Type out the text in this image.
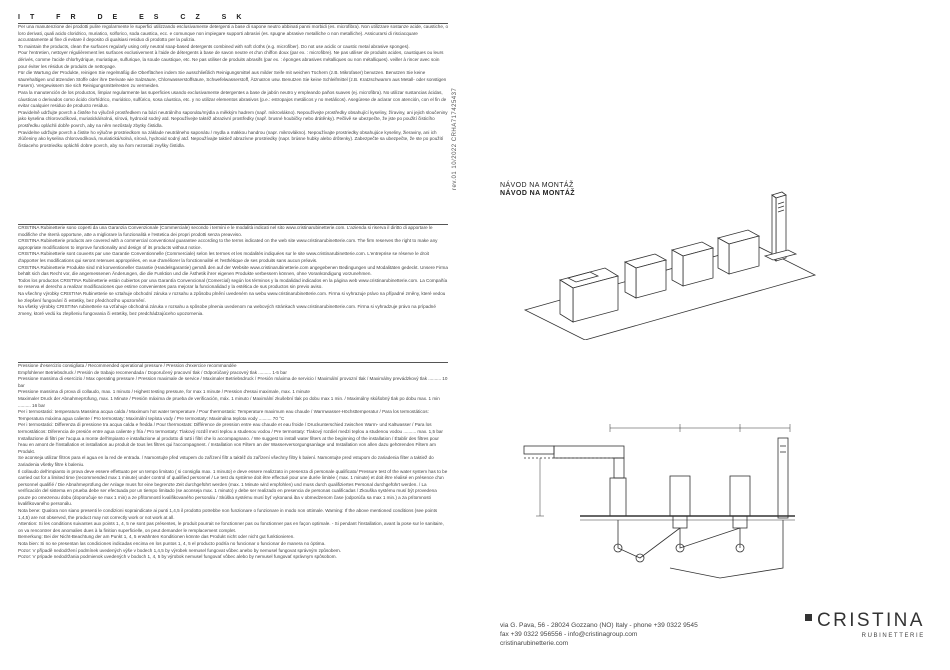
IT FR DE ES CZ SK

Per una manutenzione dei prodotti pulire regolarmente le superfici utilizzando esclusivamente detergenti a base di sapone neutro abbinati panni morbidi (es. microfibra). Non utilizzare sostanze acide, caustiche, o loro derivati, quali acido cloridrico, muriatico, solforico, soda caustica, ecc. e comunque non impiegare supporti abrasivi (es. spugne abrasive metalliche o non metalliche). Assicurarsi di risciacquare accuratamente al fine di evitare il deposito di qualsiasi residuo di prodotto per la pulizia.

To maintain the products, clean the surfaces regularly using only neutral soap-based detergents combined with soft cloths (e.g. microfiber). Do not use acidic or caustic metal abrasive sponges).

Pour l'entretien, nettoyer régulièrement les surfaces exclusivement à l'aide de détergents à base de savon neutre et d'un chiffon doux (par ex. : microfibre). Ne pas utiliser de produits acides, caustiques ou leurs dérivés, comme l'acide chlorhydrique, muriatique, sulfurique, la soude caustique, etc. Ne pas utiliser de produits abrasifs (par ex. : éponges abrasives métalliques ou non métalliques). veiller à rincer avec soin pour éviter les résidus de produits de nettoyage.

Für die Wartung der Produkte, reinigen Sie regelmäßig die Oberflächen indem Sie ausschließlich Reinigungsmittel aus milder Seife mit weichen Tüchern (z.B. Mikrofaser) benutzen. Benutzen Sie keine säurehaltigen und ätzenden Stoffe oder ihre Derivate wie Salzsäure, Chlorwasserstoffsäure, Schwefelwasserstoff, Ätznatron usw. Benutzen Sie keine Schleifmittel (z.B. Kratzschwamm aus Metall- oder sonstigen Fasern). Vergewissern Sie sich Reinigungsmittelresten zu vermeiden.

Para la manutención de los productos, limpiar regularmente las superficies usando exclusivamente detergentes a base de jabón neutro y empleando paños suaves (ej. microfibra). No utilizar sustancias ácidas, cáusticas o derivados como ácido clorhídrico, muriático, sulfúrico, sosa cáustica, etc. y no utilizar elementos abrasivos (p.e.: estropajos metálicos y no metálicos). Asegúrese de aclarar con atención, con el fin de evitar cualquier residuo de producto residuo.

Pravidelně udržujte povrch a čistěte ho výlučně prostředkem na bázi neutrálního saponátu/mýdla a měkkým hadrem (např. mikrovlákno). Nepoužívejte prostředky obsahující kyseliny, žíraviny, ani jejich sloučeniny jako kyselina chlorovodíková, muriatická/solná, sírová, hydroxid sodný atd. Nepoužívejte taktéž abrazivní prostředky (např. brusné houbičky nebo drátěnky). Pečlivě se ubezpečte, že jste po použití čisticího prostředku opláchli dobře povrch, aby na něm nezůstaly zbytky čistidla.

Pravidelne udržujte povrch a čistite ho výlučne prostriedkom na základe neutrálneho saponátu / mydla a mäkkou handrou (napr. mikrovlákno). Nepoužívajte prostriedky obsahujúce kyseliny, žieraviny, ani ich zlúčeniny ako kyselina chlorovodíková, muriatická/solná, sírová, hydroxid sodný atď. Nepoužívajte taktiež abrazívne prostriedky (napr. brúsne hubky alebo drôtenky). Zabezpečte sa ubezpečte, že ste po použití čistiaceho prostriedku opláchli dobre povrch, aby na ňom nezostali zvyšky čistidla.

CRISTINA Rubinetterie sono coperti da una Garanzia Convenzionale (Commerciale) secondo i termini e le modalità indicati nel sito www.cristinarubinetterie.com. L'azienda si riserva il diritto di apportare le modifiche che riterrà opportune, atte a migliorare la funzionalità e l'estetica dei propri prodotti senza preavviso.

CRISTINA Rubinetterie products are covered with a commercial conventional guarantee according to the terms indicated on the web site www.cristinarubinetterie.com. The firm reserves the right to make any appropriate modifications to improve functionality and design of its products without notice.

CRISTINA Rubinetterie sont couverts par une Garantie Conventionnelle (Commerciale) selon les termes et les modalités indiquées sur le site www.cristinarubinetterie.com. L'entreprise se réserve le droit d'apporter les modifications qui seront retenues appropriées, en vue d'améliorer la fonctionnalité et l'esthétique de ses produits sans aucun préavis.

CRISTINA Rubinetterie Produkte sind mit konventioneller Garantie (Handelsgarantie) gemäß den auf der Website www.cristinarubinetterie.com angegebenen Bedingungen und Modalitäten gedeckt. Unsere Firma behält sich das Recht vor, die angemessenen Änderungen, die die Funktion und die Ästhetik ihrer eigenen Produkte verbessern können, ohne Vorankündigung vorzunehmen.

Todos los productos CRISTINA Rubinetterie están cubiertos por una Garantía Convencional (Comercial) según los términos y la modalidad indicados en la página web www.cristinarubinetterie.com. La Compañía se reserva el derecho a realizar modificaciones que estime convenientes para mejorar la funcionalidad y la estética de sus productos sin previo aviso.

Na všechny výrobky CRISTINA Rubinetterie se vztahuje obchodní záruka v rozsahu a způsobu plnění uvedeném na webu www.cristinarubinetterie.com. Firma si vyhrazuje právo na případné změny, které vedou ke zlepšení fungování či estetiky, bez předchozího upozornění.

Na všetky výrobky CRISTINA rubinetterie sa vzťahuje obchodná záruka v rozsahu a spôsobe plnenia uvedenom na webových stránkach www.cristinarubinetterie.com. Firma si vyhradzuje právo na prípadné zmeny, ktoré vedú ku zlepšeniu fungovania či estetiky, bez predchádzajúceho upozornenia.

Pressione d'esercizio consigliata / Recommended operational pressure / Pression d'exercice recommandée

Empfohlener Betriebsdruck / Presión de trabajo recomendada / Doporučený pracovní tlak / Odporúčaný pracovný tlak .......... 1-5 bar

Pressione massima di esercizio / Max operating pressure / Pression maximale de service / Maximaler Betriebsdruck / Presión máxima de servicio / Maximální provozní tlak / Maximálny prevádzkový tlak .......... 10 bar

Pressione massima di prova di collaudo, max. 1 minuto / Highest testing pressure, for max 1 minute / Pression d'essai maximale, max. 1 minute

Maximaler Druck der Abnahmeprüfung, max. 1 Minute / Presión máxima de prueba de verificación, máx. 1 minuto / Maximální zkušební tlak po dobu max 1 min. / Maximálny skúšobný tlak po dobu max. 1 min .......... 16 bar

Per i termostatici: temperatura Massima acqua calda / Maximum hot water temperature / Pour thermostatic: Temperature maximum eau chaude / Warmwasser-Höchsttemperatur / Para los termostáticos: Temperatura máxima agua caliente / Pro termostaty: Maximální teplota vody / Pre termostaty: Maximálna teplota vody .......... 70 °C

Per i termostatici: Differenza di pressione tra acqua calda e fredda / Pour thermostats: Différence de pression entre eau chaude et eau froide / Druckunterschied zwischen Warm- und Kaltwasser / Para los termostáticos: Diferencia de presión entre agua caliente y fría / Pro termostaty: Tlakový rozdíl mezi teplou a studenou vodou / Pre termostaty: Tlakový rozdiel medzi teplou a studenou vodou .......... max. 1,5 bar

Installazione di filtri per l'acqua a monte dell'impianto e installazione al prodotto di tutti i filtri che lo accompagnano. / We suggest to install water filters at the beginning of the installation / Établir des filtres pour l'eau en amont de l'installation et installation au produit de tous les filtres qui l'accompagnent. / Installation von Filtern an der Wasserversorgungsanlage und Installation von allen dazu gehörenden Filtern am Produkt.

Se aconseja utilizar filtros para el agua en la red de entrada. / Namontujte před vstupem do zařízení filtr a taktéž do zařízení všechny filtry k balení. Namontujte pred vstupom do zariadenia filter a taktiež do zariadenia všetky filtre k baleniu.

Il collaudo dell'impianto in prova deve essere effettuato per un tempo limitato ( si consiglia max. 1 minuto) e deve essere realizzato in presenza di personale qualificato/ Pressure test of the water system has to be carried out for a limited time (recommended max 1 minute) under control of qualified personnel / Le test du système doit être effectué pour une durée limitée ( max. 1 minute) et doit être réalisé en présence d'un personnel qualifié / Die Abnahmeprüfung der Anlage muss für eine begrenzte Zeit durchgeführt werden (max. 1 Minute wird empfohlen) und muss durch qualifiziertes Personal durchgeführt werden. / La verificación del sistema en prueba debe ser efectuada por un tiempo limitado (se aconseja max. 1 minuto) y debe ser realizado en presencia de personas cualificadas / Zkouška systému musí být provedena pouze po omezenou dobu (doporučuje se max 1 min) a ze přítomností kvalifikovaného personálu / Skúška systému musí byť vykonaná iba v obmedzenom čase (odporúča sa max 1 min.) a za prítomnosti kvalifikovaného personálu.

Nota bene: Qualora non siano presenti le condizioni sopraindicate ai punti 1,4,5 il prodotto potrebbe non funzionare o funzionare in modo non ottimale. Warning: If the above mentioned conditions (see points 1,4,5) are not observed, the product may not correctly work or not work at all.

Attention: Si les conditions suivantes aux points 1, 4, 5 ne sont pas présentes, le produit pourrait ne fonctionner pas ou fonctionner pas en façon optimale. - Si pendant l'installation, avant la pose sur le sanitaire, on va rencontrer des anomalies dues à la finition superficielle, on peut demander le remplacement complet.

Bemerkung: Bei der Nicht-Beachtung der am Punkt 1, 4, 5 erwähnten Konditionen könnte das Produkt nicht oder nicht gut funktionieren.

Nota bien: Si no se presentan las condiciones indicadas encima en los puntos 1, 4, 5 el producto podría no funcionar o funcionar de manera no óptima.

Pozor: V případě nedodržení podmínek uvedených výše v bodech 1,4,5 by výrobek nemusel fungovat vůbec anebo by nemusel fungovat správným způsobem.

Pozor: V prípade nedodržania podmienok uvedených v bodoch 1, 4, 5 by výrobok nemusel fungovať vôbec alebo by nemusel fungovať správnym spôsobom.

rev.01 10/2022 CRHA717425437	NÁVOD NA MONTÁŽ
NÁVOD NA MONTÁŽ
via G. Pava, 56 - 28024 Gozzano (NO) Italy - phone +39 0322 9545
fax +39 0322 956556 - info@cristinagroup.com
cristinarubinetterie.com
CRISTINA
RUBINETTERIE
